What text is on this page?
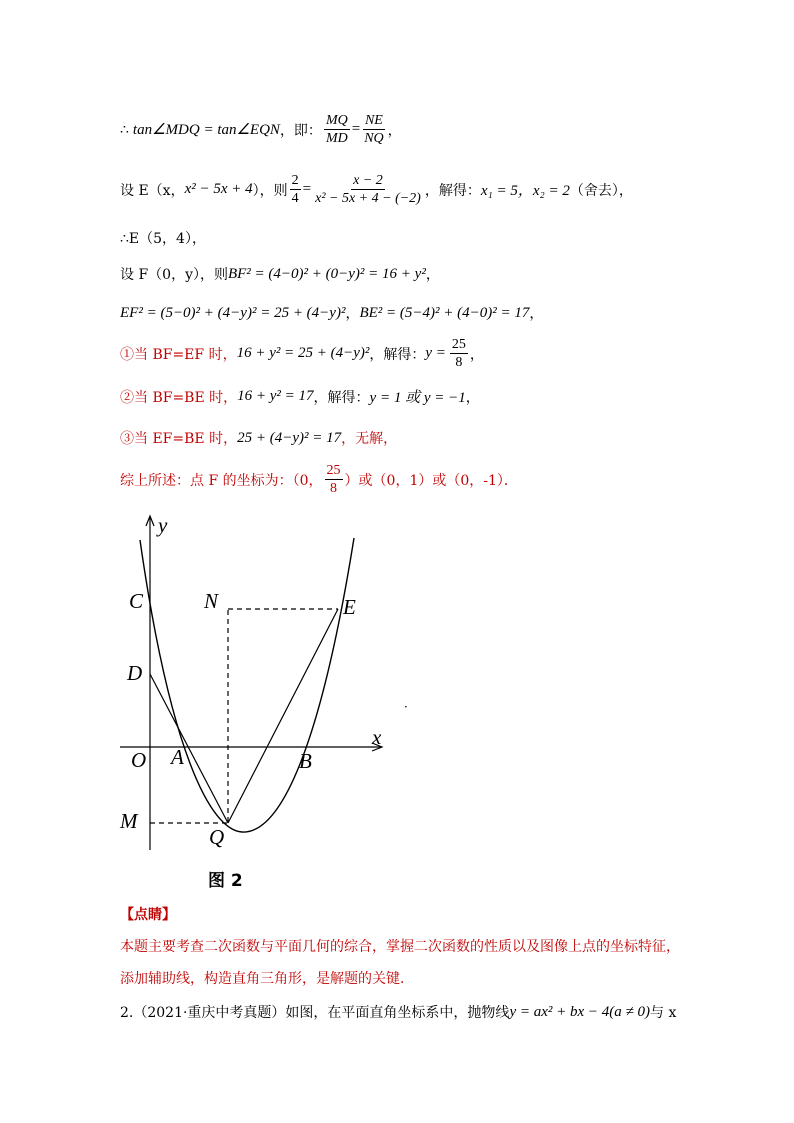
∴ tan∠MDQ = tan∠EQN ，即： $\frac{MQ}{MD} = \frac{NE}{NQ}$ ，
设 E（x， x² − 5x + 4 ），则 $\frac{2}{4} = \frac{x - 2}{\text{x² − 5x + 4 − (−2)}}$ ，解得： x₁ = 5，x₂ = 2 （舍去），
∴E（5，4），
设 F（0，y），则 BF² = (4−0)² + (0−y)² = 16 + y² ，
EF² = (5−0)² + (4−y)² = 25 + (4−y)² ， BE² = (5−4)² + (4−0)² = 17 ，
①当 BF=EF 时， 16 + y² = 25 + (4−y)² ，解得： $y = \frac{25}{8}$ ，
②当 BF=BE 时， 16 + y² = 17 ，解得： y = 1 或 y = −1 ，
③当 EF=BE 时， 25 + (4−y)² = 17 ，无解，
综上所述：点 F 的坐标为：（0， $\frac{25}{8}$ ）或（0，1）或（0，-1）．
y
x
C	N	E
D
O A	B
M
Q
·
图 2
【点睛】
本题主要考查二次函数与平面几何的综合，掌握二次函数的性质以及图像上点的坐标特征，
添加辅助线，构造直角三角形，是解题的关键．
2.（2021·重庆中考真题）如图，在平面直角坐标系中，抛物线 y = ax² + bx − 4(a ≠ 0) 与 x
